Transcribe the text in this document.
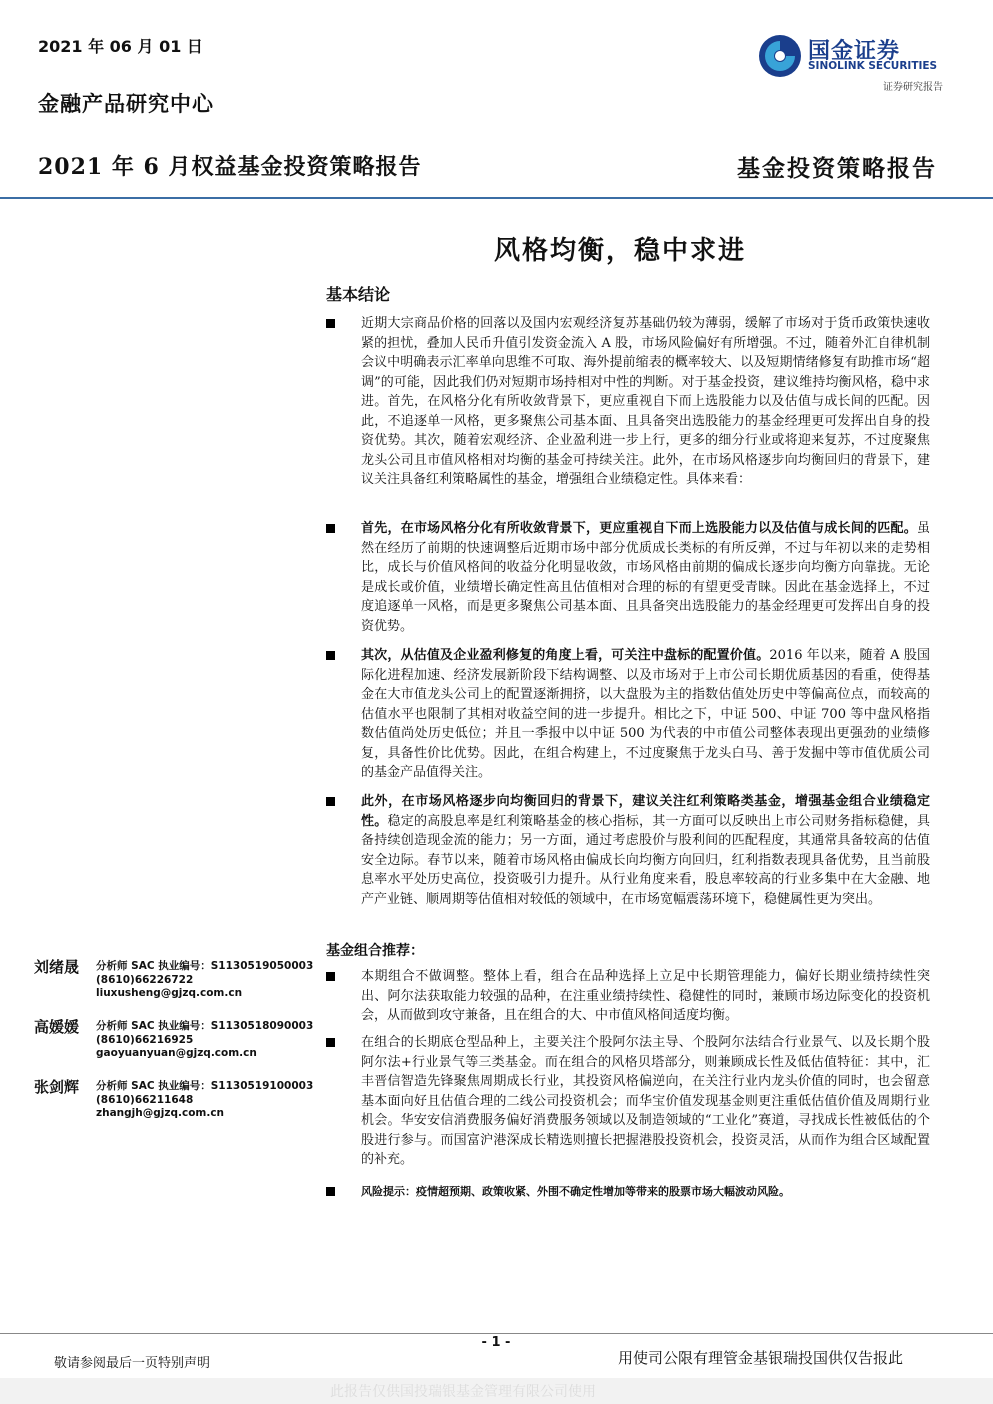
2021 年 06 月 01 日
金融产品研究中心
2021 年 6 月权益基金投资策略报告	基金投资策略报告
国金证券
SINOLINK SECURITIES
证券研究报告
风格均衡，稳中求进
基本结论
近期大宗商品价格的回落以及国内宏观经济复苏基础仍较为薄弱，缓解了市场对于货币政策快速收紧的担忧，叠加人民币升值引发资金流入 A 股，市场风险偏好有所增强。不过，随着外汇自律机制会议中明确表示汇率单向思维不可取、海外提前缩表的概率较大、以及短期情绪修复有助推市场“超调”的可能，因此我们仍对短期市场持相对中性的判断。对于基金投资，建议维持均衡风格，稳中求进。首先，在风格分化有所收敛背景下，更应重视自下而上选股能力以及估值与成长间的匹配。因此，不追逐单一风格，更多聚焦公司基本面、且具备突出选股能力的基金经理更可发挥出自身的投资优势。其次，随着宏观经济、企业盈利进一步上行，更多的细分行业或将迎来复苏，不过度聚焦龙头公司且市值风格相对均衡的基金可持续关注。此外，在市场风格逐步向均衡回归的背景下，建议关注具备红利策略属性的基金，增强组合业绩稳定性。具体来看：
首先，在市场风格分化有所收敛背景下，更应重视自下而上选股能力以及估值与成长间的匹配。虽然在经历了前期的快速调整后近期市场中部分优质成长类标的有所反弹，不过与年初以来的走势相比，成长与价值风格间的收益分化明显收敛，市场风格由前期的偏成长逐步向均衡方向靠拢。无论是成长或价值，业绩增长确定性高且估值相对合理的标的有望更受青睐。因此在基金选择上，不过度追逐单一风格，而是更多聚焦公司基本面、且具备突出选股能力的基金经理更可发挥出自身的投资优势。
其次，从估值及企业盈利修复的角度上看，可关注中盘标的配置价值。2016 年以来，随着 A 股国际化进程加速、经济发展新阶段下结构调整、以及市场对于上市公司长期优质基因的看重，使得基金在大市值龙头公司上的配置逐渐拥挤，以大盘股为主的指数估值处历史中等偏高位点，而较高的估值水平也限制了其相对收益空间的进一步提升。相比之下，中证 500、中证 700 等中盘风格指数估值尚处历史低位；并且一季报中以中证 500 为代表的中市值公司整体表现出更强劲的业绩修复，具备性价比优势。因此，在组合构建上，不过度聚焦于龙头白马、善于发掘中等市值优质公司的基金产品值得关注。
此外，在市场风格逐步向均衡回归的背景下，建议关注红利策略类基金，增强基金组合业绩稳定性。稳定的高股息率是红利策略基金的核心指标，其一方面可以反映出上市公司财务指标稳健，具备持续创造现金流的能力；另一方面，通过考虑股价与股利间的匹配程度，其通常具备较高的估值安全边际。春节以来，随着市场风格由偏成长向均衡方向回归，红利指数表现具备优势，且当前股息率水平处历史高位，投资吸引力提升。从行业角度来看，股息率较高的行业多集中在大金融、地产产业链、顺周期等估值相对较低的领域中，在市场宽幅震荡环境下，稳健属性更为突出。
基金组合推荐：
本期组合不做调整。整体上看，组合在品种选择上立足中长期管理能力，偏好长期业绩持续性突出、阿尔法获取能力较强的品种，在注重业绩持续性、稳健性的同时，兼顾市场边际变化的投资机会，从而做到攻守兼备，且在组合的大、中市值风格间适度均衡。
在组合的长期底仓型品种上，主要关注个股阿尔法主导、个股阿尔法结合行业景气、以及长期个股阿尔法+行业景气等三类基金。而在组合的风格贝塔部分，则兼顾成长性及低估值特征：其中，汇丰晋信智造先锋聚焦周期成长行业，其投资风格偏逆向，在关注行业内龙头价值的同时，也会留意基本面向好且估值合理的二线公司投资机会；而华宝价值发现基金则更注重低估值价值及周期行业机会。华安安信消费服务偏好消费服务领域以及制造领域的“工业化”赛道，寻找成长性被低估的个股进行参与。而国富沪港深成长精选则擅长把握港股投资机会，投资灵活，从而作为组合区域配置的补充。
风险提示：疫情超预期、政策收紧、外围不确定性增加等带来的股票市场大幅波动风险。
刘绪晟 分析师 SAC 执业编号：S1130519050003
(8610)66226722
liuxusheng@gjzq.com.cn
高媛媛 分析师 SAC 执业编号：S1130518090003
(8610)66216925
gaoyuanyuan@gjzq.com.cn
张剑辉 分析师 SAC 执业编号：S1130519100003
(8610)66211648
zhangjh@gjzq.com.cn
- 1 -
敬请参阅最后一页特别声明	用使司公限有理管金基银瑞投国供仅告报此
此报告仅供国投瑞银基金管理有限公司使用
